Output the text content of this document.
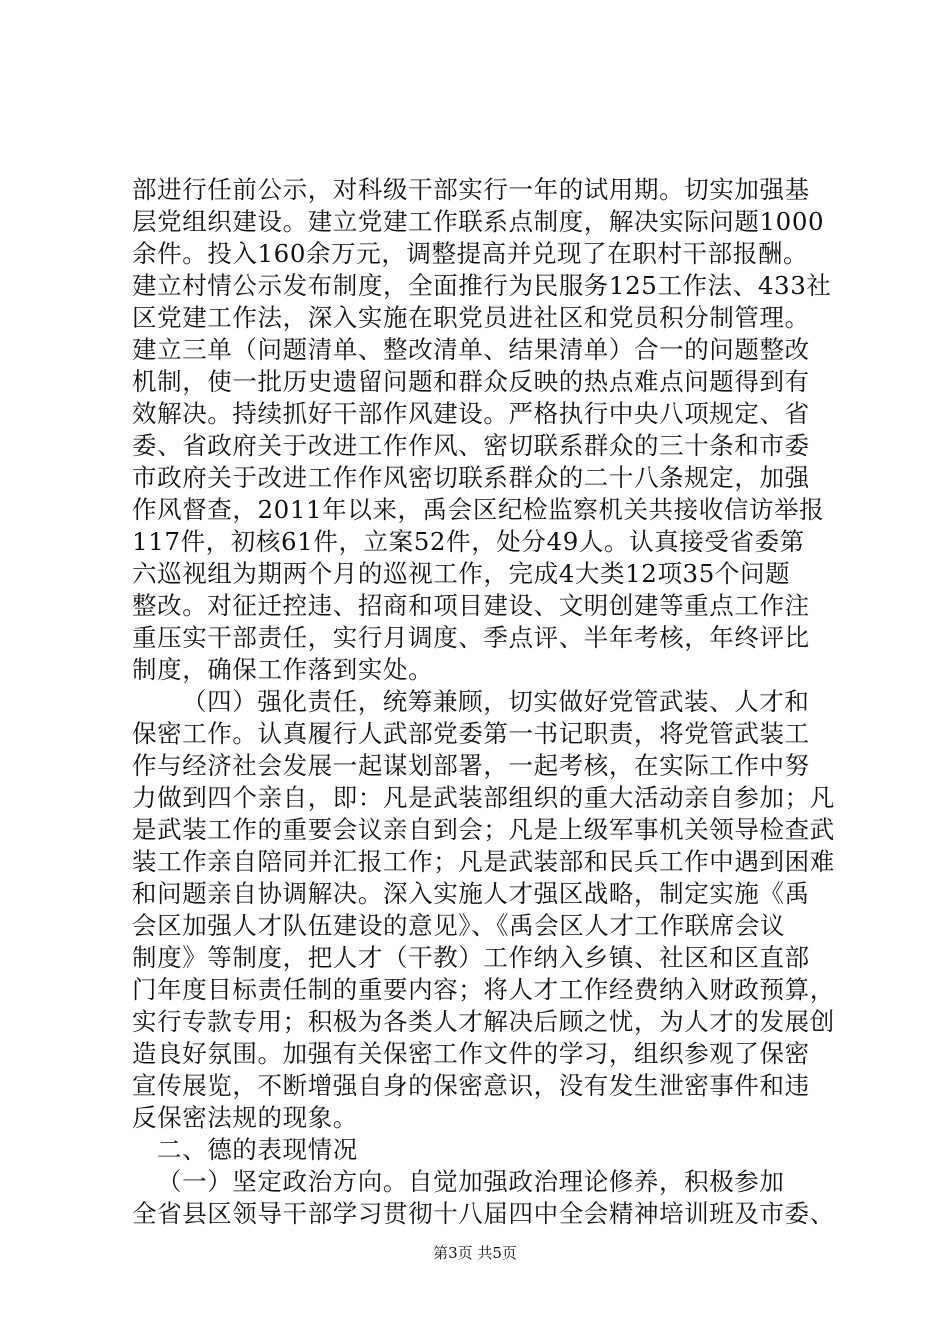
部进行任前公示，对科级干部实行一年的试用期。切实加强基
层党组织建设。建立党建工作联系点制度，解决实际问题1000
余件。投入160余万元，调整提高并兑现了在职村干部报酬。
建立村情公示发布制度，全面推行为民服务125工作法、433社
区党建工作法，深入实施在职党员进社区和党员积分制管理。
建立三单（问题清单、整改清单、结果清单）合一的问题整改
机制，使一批历史遗留问题和群众反映的热点难点问题得到有
效解决。持续抓好干部作风建设。严格执行中央八项规定、省
委、省政府关于改进工作作风、密切联系群众的三十条和市委
市政府关于改进工作作风密切联系群众的二十八条规定，加强
作风督查，2011年以来，禹会区纪检监察机关共接收信访举报
117件，初核61件，立案52件，处分49人。认真接受省委第
六巡视组为期两个月的巡视工作，完成4大类12项35个问题
整改。对征迁控违、招商和项目建设、文明创建等重点工作注
重压实干部责任，实行月调度、季点评、半年考核，年终评比
制度，确保工作落到实处。
（四）强化责任，统筹兼顾，切实做好党管武装、人才和
保密工作。认真履行人武部党委第一书记职责，将党管武装工
作与经济社会发展一起谋划部署，一起考核，在实际工作中努
力做到四个亲自，即：凡是武装部组织的重大活动亲自参加；凡
是武装工作的重要会议亲自到会；凡是上级军事机关领导检查武
装工作亲自陪同并汇报工作；凡是武装部和民兵工作中遇到困难
和问题亲自协调解决。深入实施人才强区战略，制定实施《禹
会区加强人才队伍建设的意见》、《禹会区人才工作联席会议
制度》等制度，把人才（干教）工作纳入乡镇、社区和区直部
门年度目标责任制的重要内容；将人才工作经费纳入财政预算，
实行专款专用；积极为各类人才解决后顾之忧，为人才的发展创
造良好氛围。加强有关保密工作文件的学习，组织参观了保密
宣传展览，不断增强自身的保密意识，没有发生泄密事件和违
反保密法规的现象。
二、德的表现情况
（一）坚定政治方向。自觉加强政治理论修养，积极参加
全省县区领导干部学习贯彻十八届四中全会精神培训班及市委、
第3页 共5页
